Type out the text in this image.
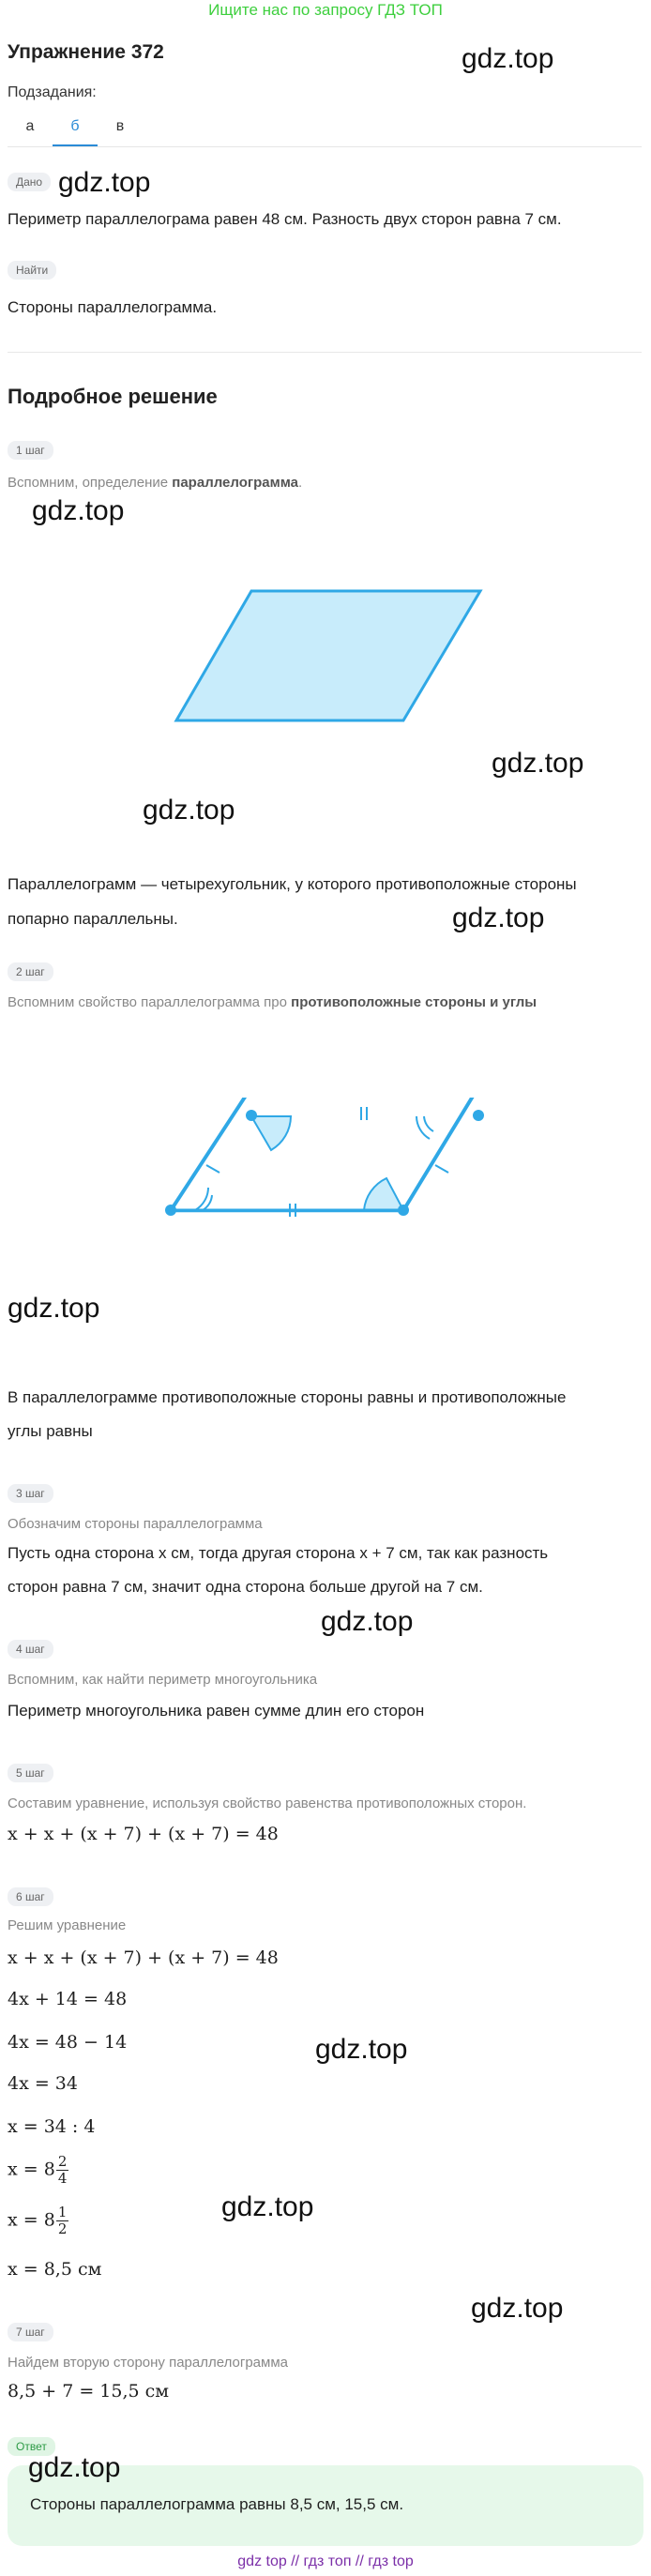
Ищите нас по запросу ГДЗ ТОП
Упражнение 372	gdz.top
Подзадания:
а	б	в
Дано gdz.top
Периметр параллелограма равен 48 см. Разность двух сторон равна 7 см.
Найти
Стороны параллелограмма.
Подробное решение
1 шаг
Вспомним, определение параллелограмма.
gdz.top
gdz.top
gdz.top
Параллелограмм — четырехугольник, у которого противоположные стороны
попарно параллельны.	gdz.top
2 шаг
Вспомним свойство параллелограмма про противоположные стороны и углы
gdz.top
В параллелограмме противоположные стороны равны и противоположные
углы равны
3 шаг
Обозначим стороны параллелограмма
Пусть одна сторона x см, тогда другая сторона x + 7 см, так как разность
сторон равна 7 см, значит одна сторона больше другой на 7 см.
gdz.top
4 шаг
Вспомним, как найти периметр многоугольника
Периметр многоугольника равен сумме длин его сторон
5 шаг
Составим уравнение, используя свойство равенства противоположных сторон.
x + x + (x + 7) + (x + 7) = 48
6 шаг
Решим уравнение
x + x + (x + 7) + (x + 7) = 48
4x + 14 = 48
4x = 48 − 14
4x = 34
gdz.top
x = 34 : 4
$x = 8 \frac{2}{4}$
gdz.top
$x = 8 \frac{1}{2}$
x = 8,5 см
gdz.top
7 шаг
Найдем вторую сторону параллелограмма
8,5 + 7 = 15,5 см
Ответ
gdz.top
Стороны параллелограмма равны 8,5 см, 15,5 см.
gdz top // гдз топ // гдз top
